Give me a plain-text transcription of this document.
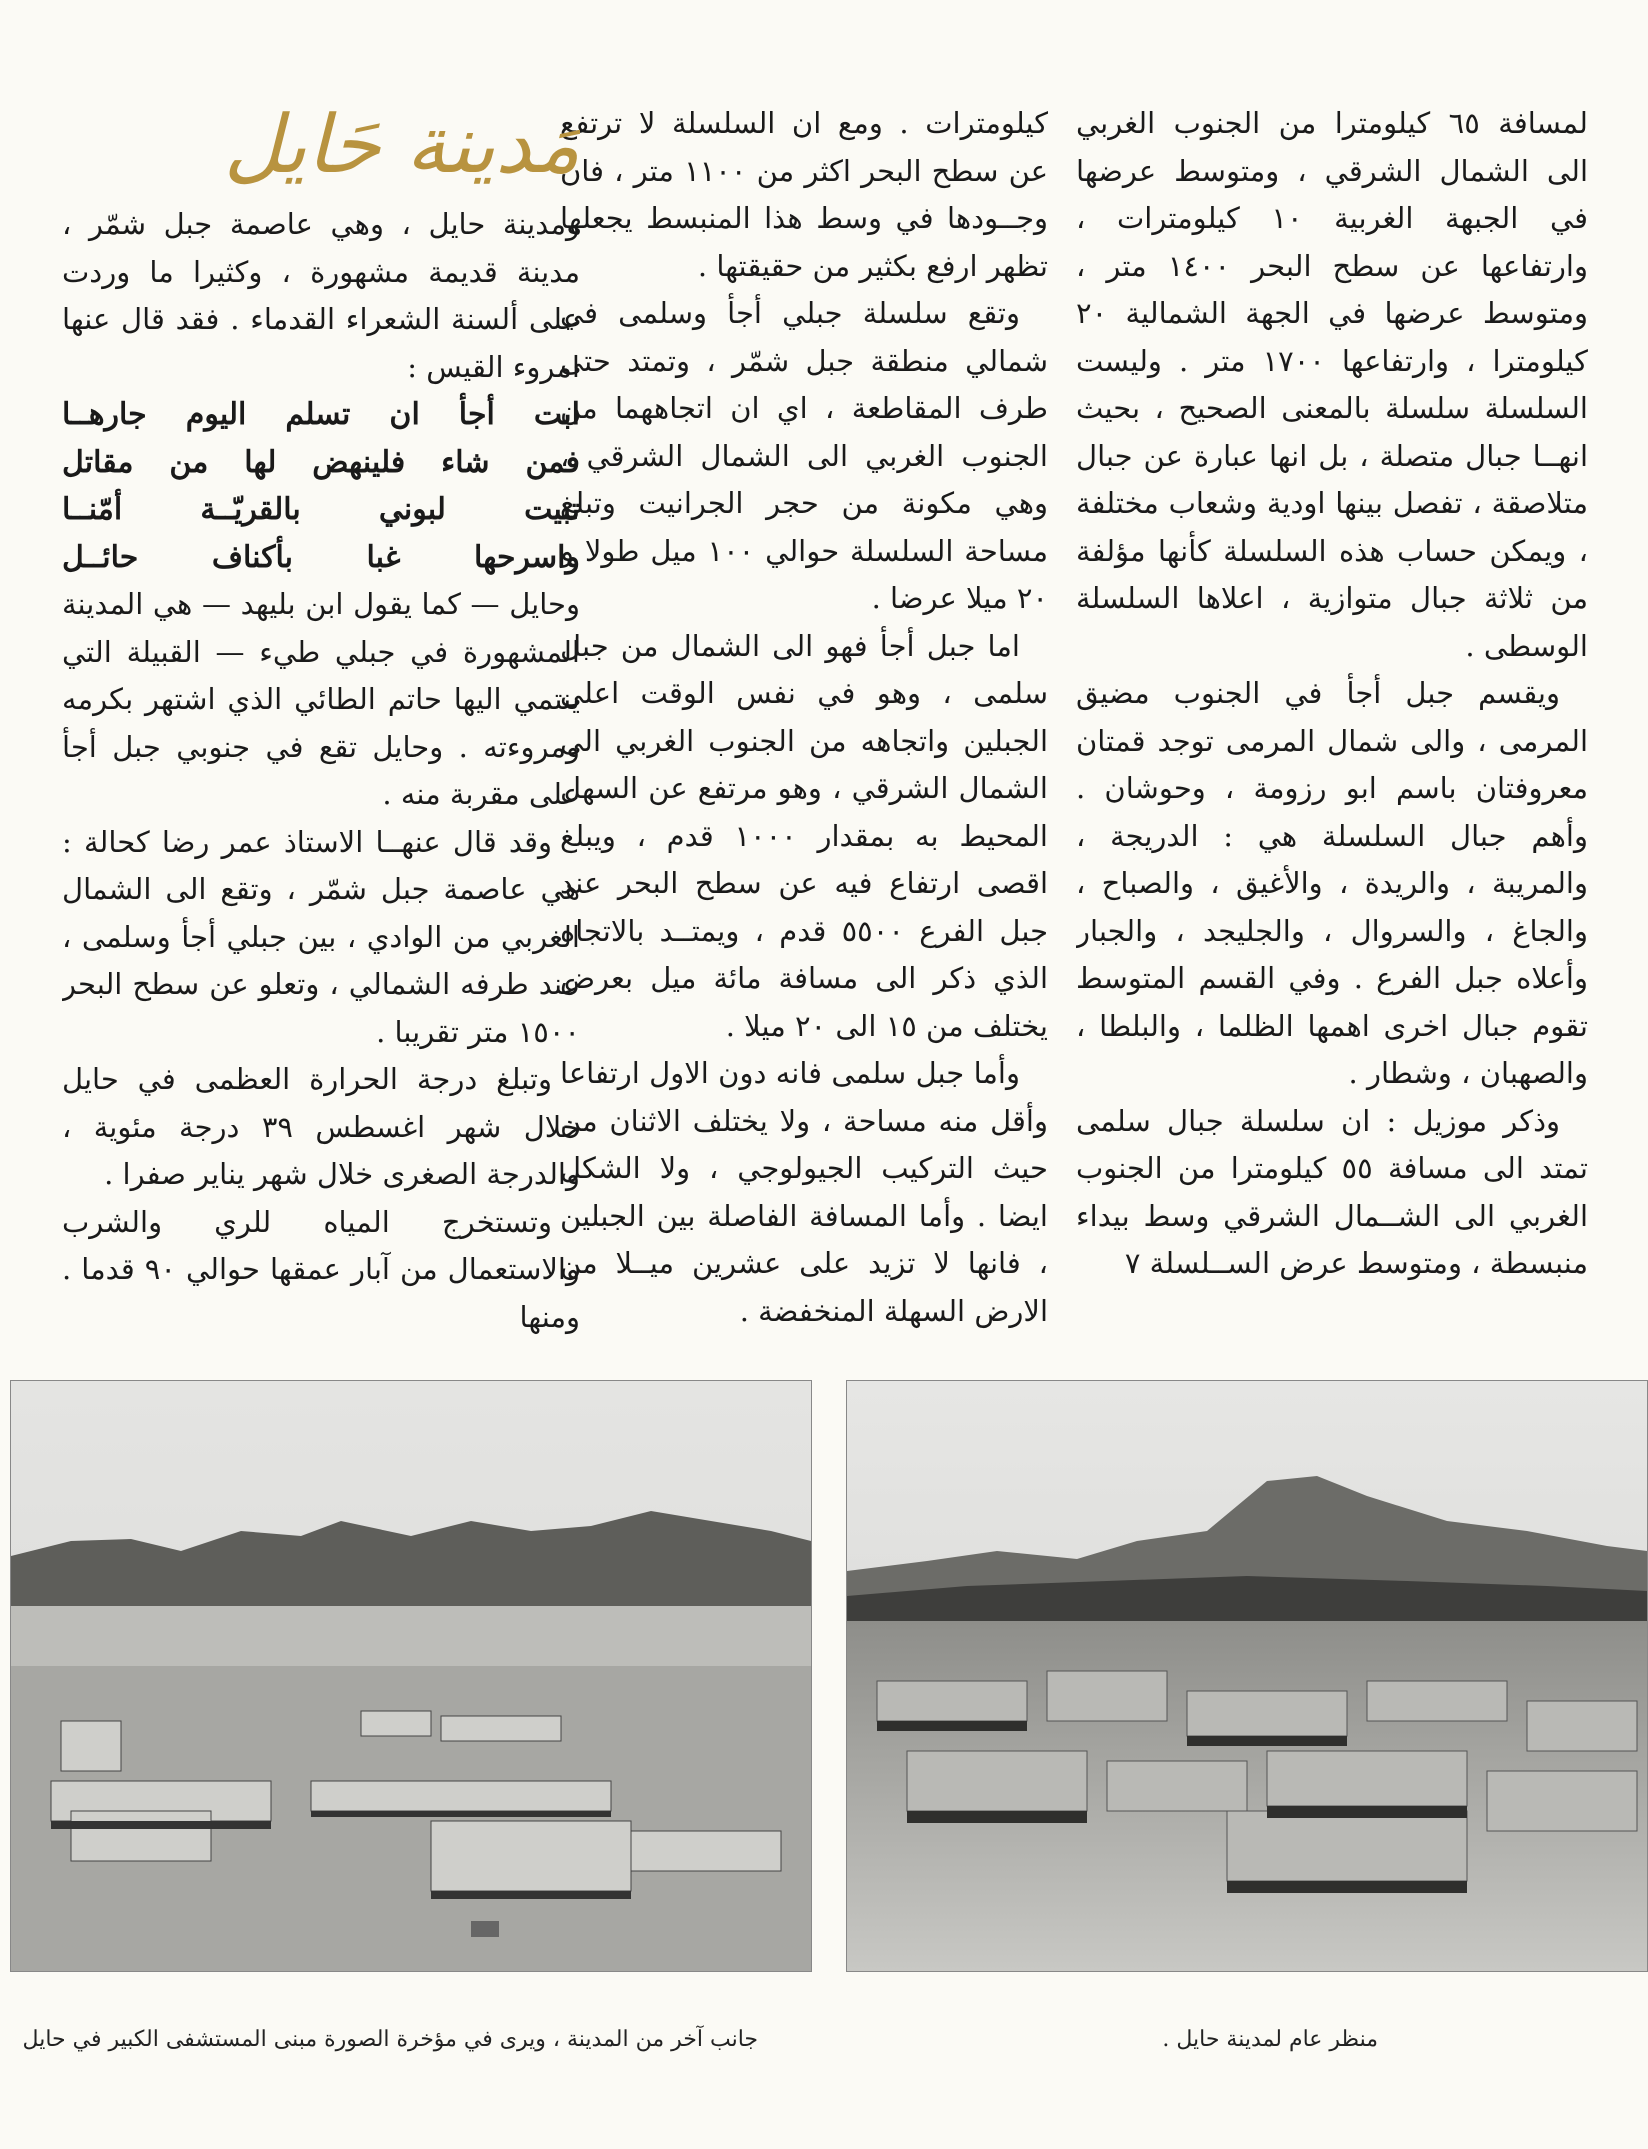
لمسافة ٦٥ كيلومترا من الجنوب الغربي الى الشمال الشرقي ، ومتوسط عرضها في الجبهة الغربية ١٠ كيلومترات ، وارتفاعها عن سطح البحر ١٤٠٠ متر ، ومتوسط عرضها في الجهة الشمالية ٢٠ كيلومترا ، وارتفاعها ١٧٠٠ متر . وليست السلسلة سلسلة بالمعنى الصحيح ، بحيث انهــا جبال متصلة ، بل انها عبارة عن جبال متلاصقة ، تفصل بينها اودية وشعاب مختلفة ، ويمكن حساب هذه السلسلة كأنها مؤلفة من ثلاثة جبال متوازية ، اعلاها السلسلة الوسطى .

ويقسم جبل أجأ في الجنوب مضيق المرمى ، والى شمال المرمى توجد قمتان معروفتان باسم ابو رزومة ، وحوشان . وأهم جبال السلسلة هي : الدريجة ، والمريبة ، والريدة ، والأغيق ، والصباح ، والجاغ ، والسروال ، والجليجد ، والجبار وأعلاه جبل الفرع . وفي القسم المتوسط تقوم جبال اخرى اهمها الظلما ، والبلطا ، والصهبان ، وشطار .

وذكر موزيل : ان سلسلة جبال سلمى تمتد الى مسافة ٥٥ كيلومترا من الجنوب الغربي الى الشــمال الشرقي وسط بيداء منبسطة ، ومتوسط عرض الســلسلة ٧

كيلومترات . ومع ان السلسلة لا ترتفع عن سطح البحر اكثر من ١١٠٠ متر ، فان وجــودها في وسط هذا المنبسط يجعلها تظهر ارفع بكثير من حقيقتها .

وتقع سلسلة جبلي أجأ وسلمى في شمالي منطقة جبل شمّر ، وتمتد حتى طرف المقاطعة ، اي ان اتجاههما من الجنوب الغربي الى الشمال الشرقي ، وهي مكونة من حجر الجرانيت وتبلغ مساحة السلسلة حوالي ١٠٠ ميل طولا و ٢٠ ميلا عرضا .

اما جبل أجأ فهو الى الشمال من جبل سلمى ، وهو في نفس الوقت اعلى الجبلين واتجاهه من الجنوب الغربي الى الشمال الشرقي ، وهو مرتفع عن السهل المحيط به بمقدار ١٠٠٠ قدم ، ويبلغ اقصى ارتفاع فيه عن سطح البحر عند جبل الفرع ٥٥٠٠ قدم ، ويمتــد بالاتجاه الذي ذكر الى مسافة مائة ميل بعرض يختلف من ١٥ الى ٢٠ ميلا .

وأما جبل سلمى فانه دون الاول ارتفاعا وأقل منه مساحة ، ولا يختلف الاثنان من حيث التركيب الجيولوجي ، ولا الشكل ايضا . وأما المسافة الفاصلة بين الجبلين ، فانها لا تزيد على عشرين ميــلا من الارض السهلة المنخفضة .

مَدينة حَايل

ومدينة حايل ، وهي عاصمة جبل شمّر ، مدينة قديمة مشهورة ، وكثيرا ما وردت على ألسنة الشعراء القدماء . فقد قال عنها امروء القيس :

ابت أجأ ان تسلم اليوم جارهــا

فمن شاء فلينهض لها من مقاتل

تبيت لبوني بالقريّــة أمّنــا

واسرحها غبا بأكناف حائــل

وحايل — كما يقول ابن بليهد — هي المدينة المشهورة في جبلي طيء — القبيلة التي ينتمي اليها حاتم الطائي الذي اشتهر بكرمه ومروءته . وحايل تقع في جنوبي جبل أجأ على مقربة منه .

وقد قال عنهــا الاستاذ عمر رضا كحالة : هي عاصمة جبل شمّر ، وتقع الى الشمال الغربي من الوادي ، بين جبلي أجأ وسلمى ، عند طرفه الشمالي ، وتعلو عن سطح البحر ١٥٠٠ متر تقريبا .

وتبلغ درجة الحرارة العظمى في حايل خلال شهر اغسطس ٣٩ درجة مئوية ، والدرجة الصغرى خلال شهر يناير صفرا .

وتستخرج المياه للري والشرب والاستعمال من آبار عمقها حوالي ٩٠ قدما . ومنها

منظر عام لمدينة حايل .
جانب آخر من المدينة ، ويرى في مؤخرة الصورة مبنى المستشفى الكبير في حايل
